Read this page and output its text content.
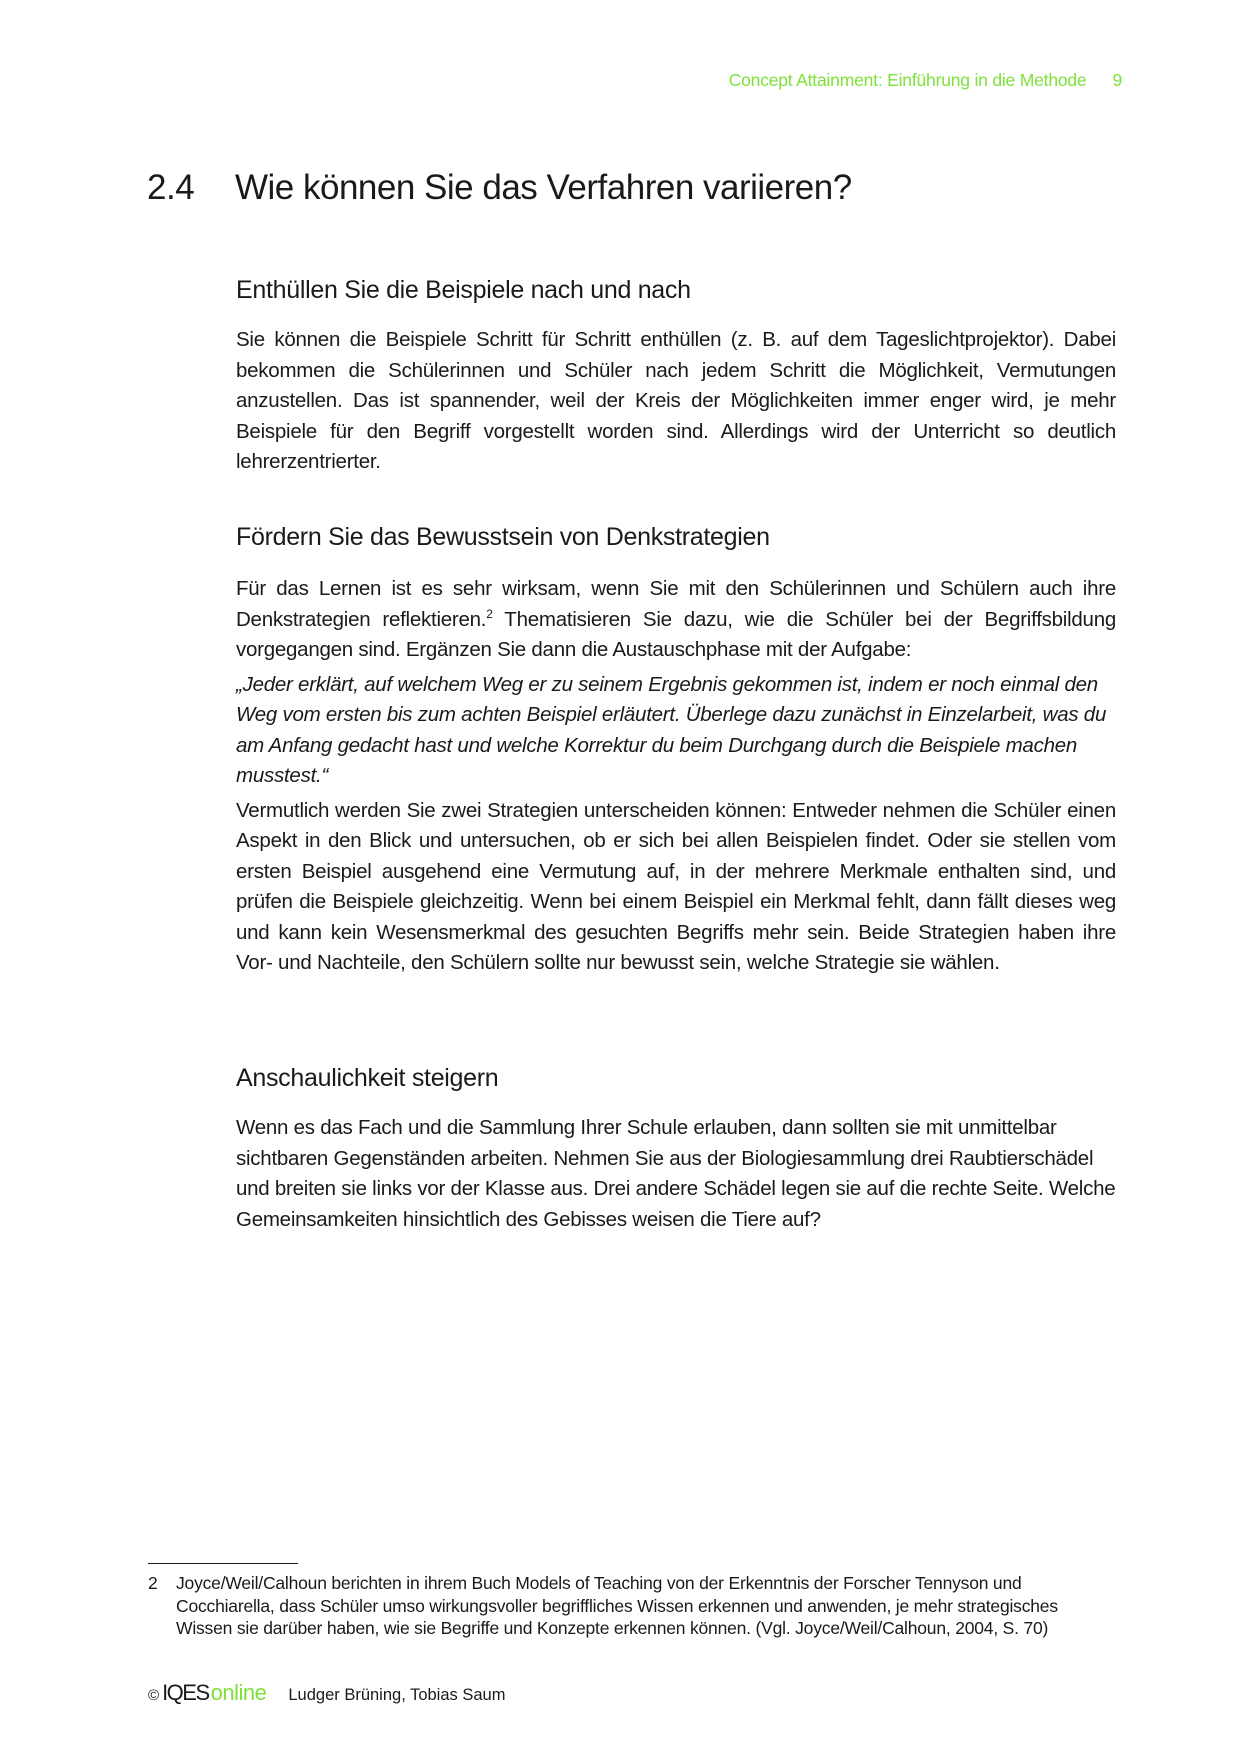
Concept Attainment: Einführung in die Methode 9
2.4 Wie können Sie das Verfahren variieren?
Enthüllen Sie die Beispiele nach und nach

Sie können die Beispiele Schritt für Schritt enthüllen (z. B. auf dem Tageslichtprojektor). Dabei bekommen die Schülerinnen und Schüler nach jedem Schritt die Möglichkeit, Vermutungen anzustellen. Das ist spannender, weil der Kreis der Möglichkeiten immer enger wird, je mehr Beispiele für den Begriff vorgestellt worden sind. Allerdings wird der Unterricht so deutlich lehrerzentrierter.

Fördern Sie das Bewusstsein von Denkstrategien

Für das Lernen ist es sehr wirksam, wenn Sie mit den Schülerinnen und Schülern auch ihre Denkstrategien reflektieren.$^2$ Thematisieren Sie dazu, wie die Schüler bei der Begriffsbildung vorgegangen sind. Ergänzen Sie dann die Austauschphase mit der Aufgabe:

„Jeder erklärt, auf welchem Weg er zu seinem Ergebnis gekommen ist, indem er noch einmal den Weg vom ersten bis zum achten Beispiel erläutert. Überlege dazu zunächst in Einzelarbeit, was du am Anfang gedacht hast und welche Korrektur du beim Durchgang durch die Beispiele machen musstest.“

Vermutlich werden Sie zwei Strategien unterscheiden können: Entweder nehmen die Schüler einen Aspekt in den Blick und untersuchen, ob er sich bei allen Beispielen findet. Oder sie stellen vom ersten Beispiel ausgehend eine Vermutung auf, in der mehrere Merkmale enthalten sind, und prüfen die Beispiele gleichzeitig. Wenn bei einem Beispiel ein Merkmal fehlt, dann fällt dieses weg und kann kein Wesensmerkmal des gesuchten Begriffs mehr sein. Beide Strategien haben ihre Vor- und Nachteile, den Schülern sollte nur bewusst sein, welche Strategie sie wählen.

Anschaulichkeit steigern

Wenn es das Fach und die Sammlung Ihrer Schule erlauben, dann sollten sie mit unmittelbar sichtbaren Gegenständen arbeiten. Nehmen Sie aus der Biologiesammlung drei Raubtierschädel und breiten sie links vor der Klasse aus. Drei andere Schädel legen sie auf die rechte Seite. Welche Gemeinsamkeiten hinsichtlich des Gebisses weisen die Tiere auf?

2	Joyce/Weil/Calhoun berichten in ihrem Buch Models of Teaching von der Erkenntnis der Forscher Tennyson und Cocchiarella, dass Schüler umso wirkungsvoller begriffliches Wissen erkennen und anwenden, je mehr strategisches Wissen sie darüber haben, wie sie Begriffe und Konzepte erkennen können. (Vgl. Joyce/Weil/Calhoun, 2004, S. 70)
© IQES online Ludger Brüning, Tobias Saum
